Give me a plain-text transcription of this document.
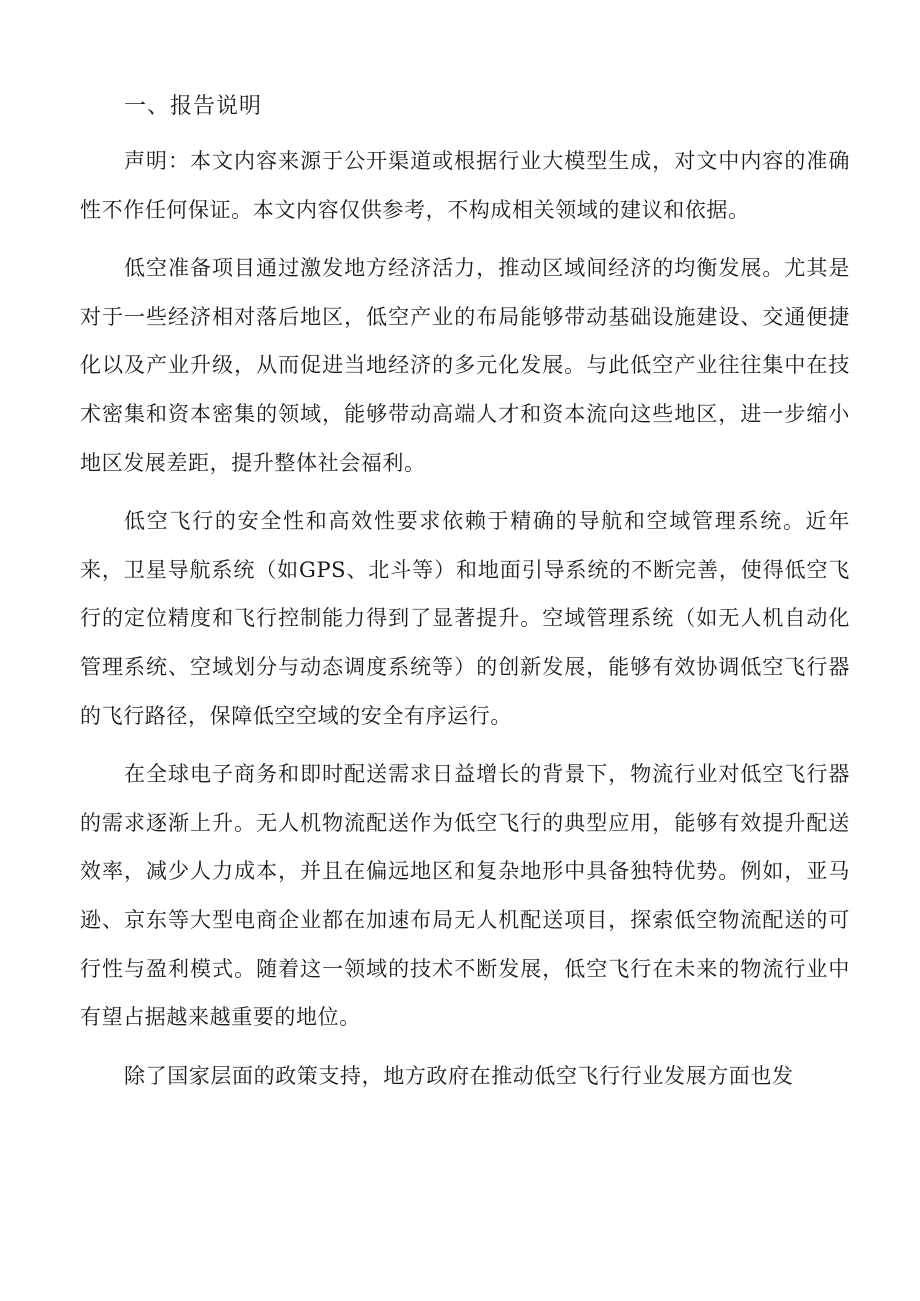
一、报告说明

声明：本文内容来源于公开渠道或根据行业大模型生成，对文中内容的准确性不作任何保证。本文内容仅供参考，不构成相关领域的建议和依据。

低空准备项目通过激发地方经济活力，推动区域间经济的均衡发展。尤其是对于一些经济相对落后地区，低空产业的布局能够带动基础设施建设、交通便捷化以及产业升级，从而促进当地经济的多元化发展。与此低空产业往往集中在技术密集和资本密集的领域，能够带动高端人才和资本流向这些地区，进一步缩小地区发展差距，提升整体社会福利。

低空飞行的安全性和高效性要求依赖于精确的导航和空域管理系统。近年来，卫星导航系统（如GPS、北斗等）和地面引导系统的不断完善，使得低空飞行的定位精度和飞行控制能力得到了显著提升。空域管理系统（如无人机自动化管理系统、空域划分与动态调度系统等）的创新发展，能够有效协调低空飞行器的飞行路径，保障低空空域的安全有序运行。

在全球电子商务和即时配送需求日益增长的背景下，物流行业对低空飞行器的需求逐渐上升。无人机物流配送作为低空飞行的典型应用，能够有效提升配送效率，减少人力成本，并且在偏远地区和复杂地形中具备独特优势。例如，亚马逊、京东等大型电商企业都在加速布局无人机配送项目，探索低空物流配送的可行性与盈利模式。随着这一领域的技术不断发展，低空飞行在未来的物流行业中有望占据越来越重要的地位。

除了国家层面的政策支持，地方政府在推动低空飞行行业发展方面也发
